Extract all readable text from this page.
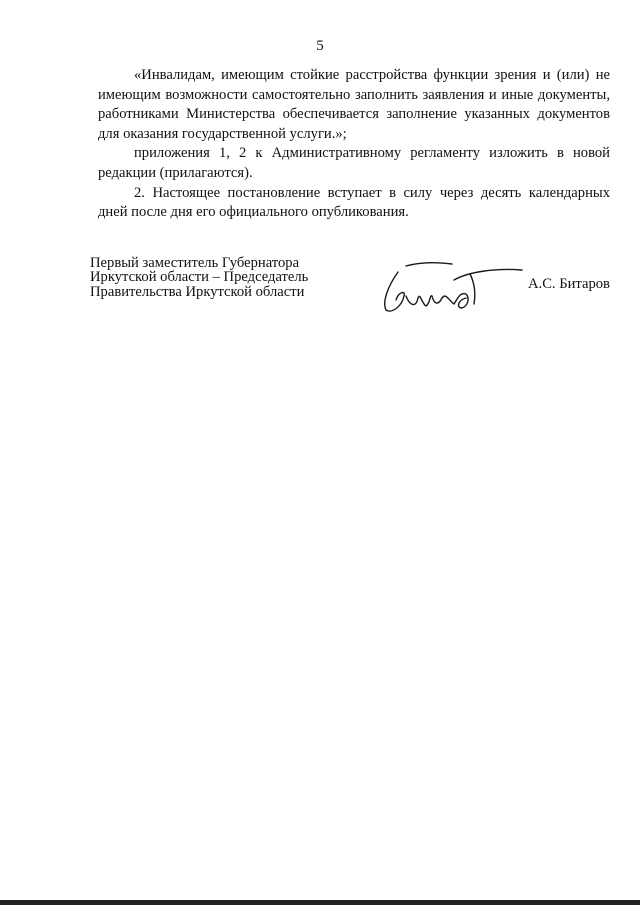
5

«Инвалидам, имеющим стойкие расстройства функции зрения и (или) не имеющим возможности самостоятельно заполнить заявления и иные документы, работниками Министерства обеспечивается заполнение указанных документов для оказания государственной услуги.»;

приложения 1, 2 к Административному регламенту изложить в новой редакции (прилагаются).

2. Настоящее постановление вступает в силу через десять календарных дней после дня его официального опубликования.

Первый заместитель Губернатора
Иркутской области – Председатель
Правительства Иркутской области	А.С. Битаров
